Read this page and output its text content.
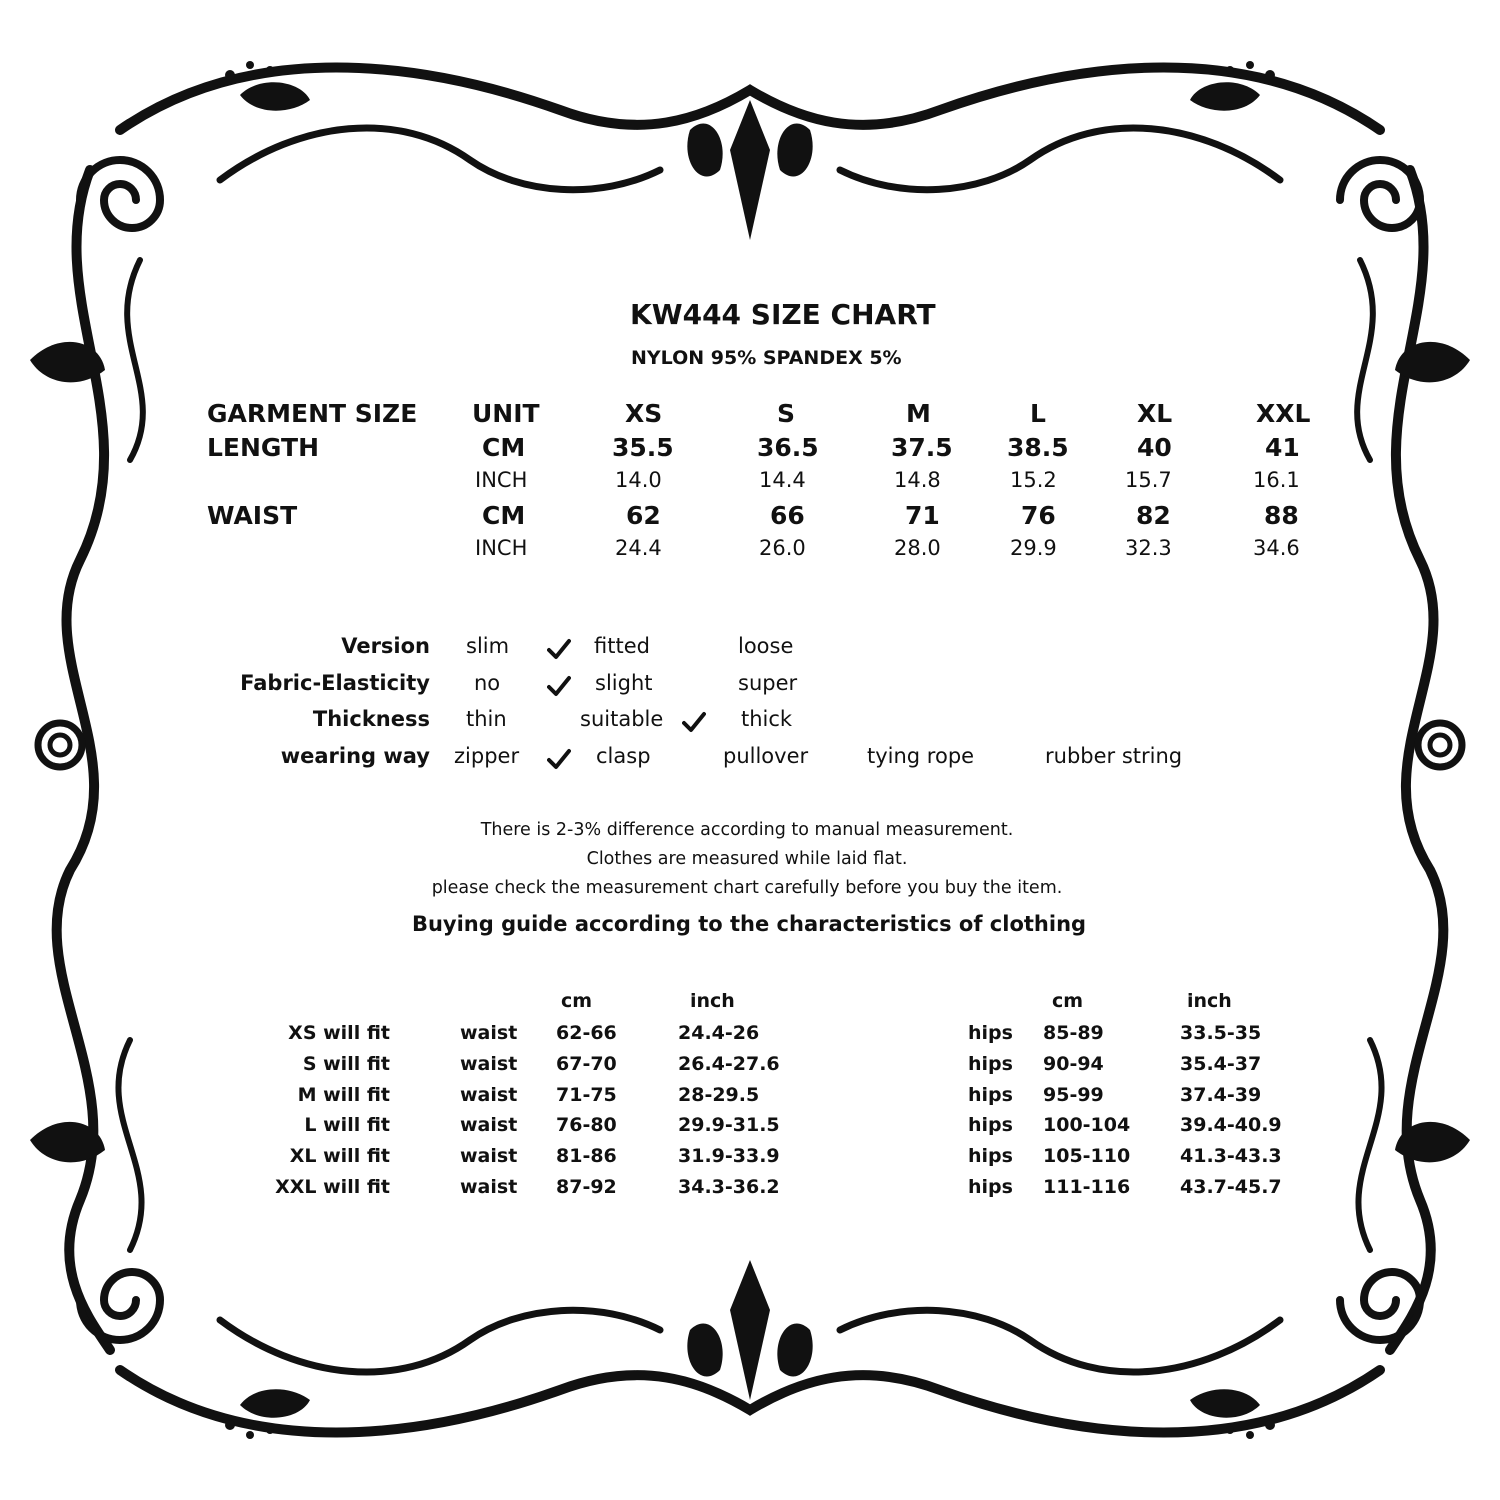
KW444 SIZE CHART
NYLON 95% SPANDEX 5%
GARMENT SIZE UNIT	XS	S	M	L	XL	XXL
LENGTH	CM	35.5	36.5	37.5 38.5	40	41
INCH	14.0	14.4	14.8	15.2	15.7	16.1
WAIST	CM	62	66	71	76	82	88
INCH	24.4	26.0	28.0	29.9	32.3	34.6
Version slim	fitted	loose
Fabric-Elasticity no	slight	super
Thickness thin	suitable	thick
wearing way zipper	clasp	pullover	tying rope	rubber string
There is 2-3% difference according to manual measurement.
Clothes are measured while laid flat.
please check the measurement chart carefully before you buy the item.
Buying guide according to the characteristics of clothing
cm	inch	cm	inch
XS will fit	waist 62-66	24.4-26	hips 85-89	33.5-35
S will fit	waist 67-70	26.4-27.6	hips 90-94	35.4-37
M will fit	waist 71-75	28-29.5	hips 95-99	37.4-39
L will fit	waist 76-80	29.9-31.5	hips 100-104	39.4-40.9
XL will fit	waist 81-86	31.9-33.9	hips 105-110	41.3-43.3
XXL will fit	waist 87-92	34.3-36.2	hips 111-116	43.7-45.7
